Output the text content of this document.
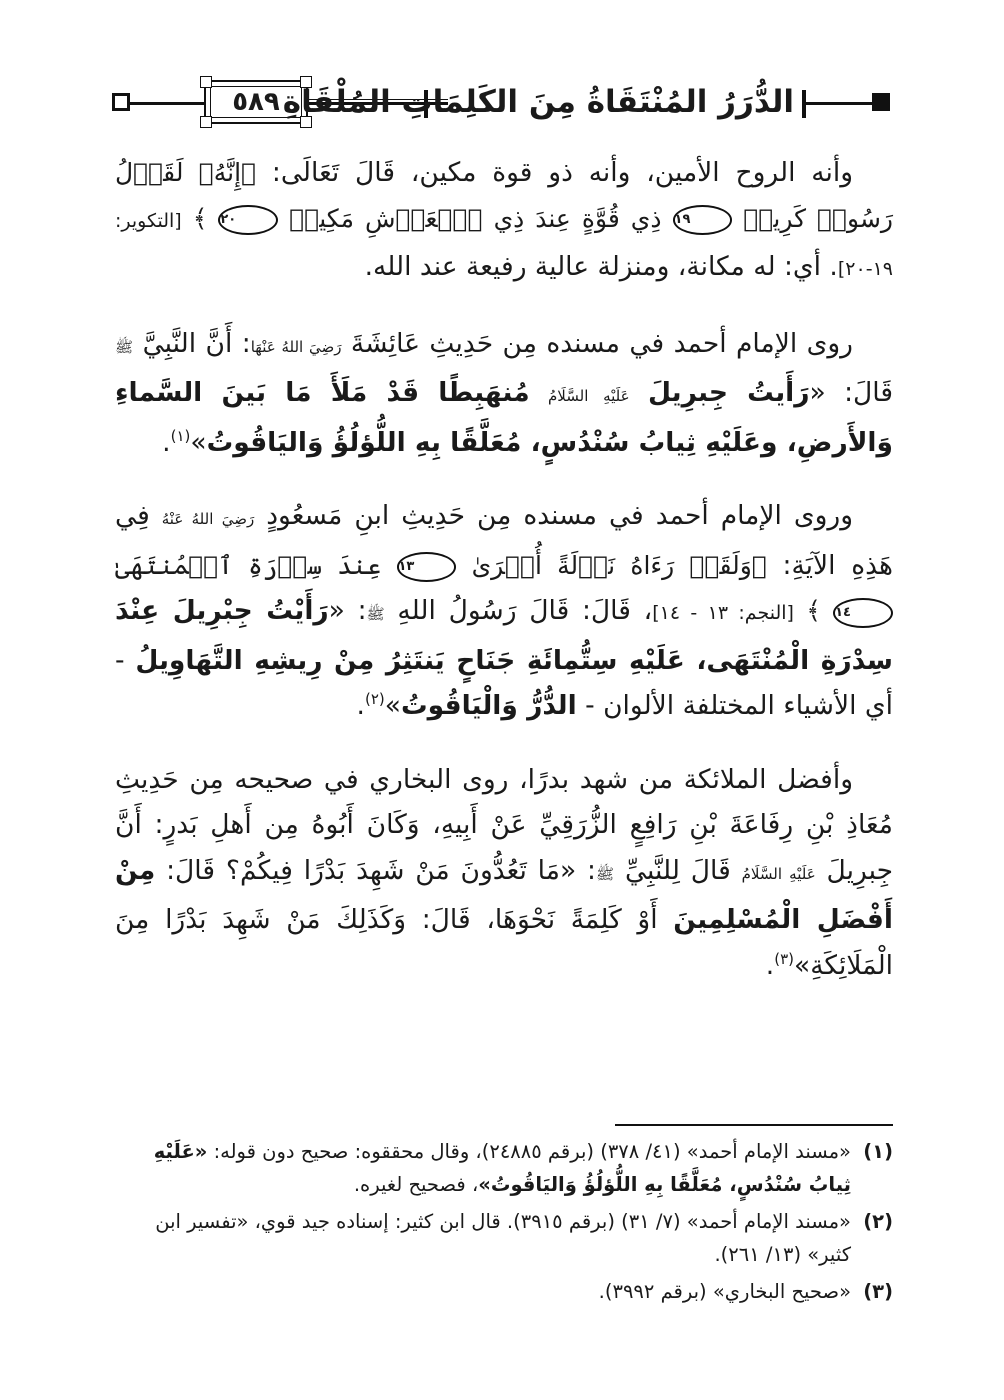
٥٨٩ الدُّرَرُ المُنْتَقَاةُ مِنَ الكَلِمَاتِ المُلْقَاةِ

وأنه الروح الأمين، وأنه ذو قوة مكين، قَالَ تَعَالَى: ﴿إِنَّهُۥ لَقَوۡلُ رَسُولٖ كَرِيمٖ ١٩ ذِي قُوَّةٍ عِندَ ذِي ٱلۡعَرۡشِ مَكِينٖ ٢٠ ﴾ [التكوير: ١٩-٢٠]. أي: له مكانة، ومنزلة عالية رفيعة عند الله.

روى الإمام أحمد في مسنده مِن حَدِيثِ عَائِشَةَ رَضِيَ اللهُ عَنْهَا: أَنَّ النَّبِيَّ ﷺ قَالَ: «رَأَيتُ جِبرِيلَ عَلَيْهِ السَّلَامُ مُنهَبِطًا قَدْ مَلَأَ مَا بَينَ السَّماءِ وَالأَرضِ، وعَلَيْهِ ثِيابُ سُنْدُسٍ، مُعَلَّقًا بِهِ اللُّؤلُؤُ وَاليَاقُوتُ»$^{(١)}$.

وروى الإمام أحمد في مسنده مِن حَدِيثِ ابنِ مَسعُودٍ رَضِيَ اللهُ عَنْهُ فِي هَذِهِ الآيَةِ: ﴿وَلَقَدۡ رَءَاهُ نَزۡلَةً أُخۡرَىٰ ١٣ عِندَ سِدۡرَةِ ٱلۡمُنتَهَىٰ ١٤ ﴾ [النجم: ١٣ - ١٤]، قَالَ: قَالَ رَسُولُ اللهِ ﷺ: «رَأَيْتُ جِبْرِيلَ عِنْدَ سِدْرَةِ الْمُنْتَهَى، عَلَيْهِ سِتُّمِائَةِ جَنَاحٍ يَنتَثِرُ مِنْ رِيشِهِ التَّهَاوِيلُ - أي الأشياء المختلفة الألوان - الدُّرُّ وَالْيَاقُوتُ»$^{(٢)}$.

وأفضل الملائكة من شهد بدرًا، روى البخاري في صحيحه مِن حَدِيثِ مُعَاذِ بْنِ رِفَاعَةَ بْنِ رَافِعٍ الزُّرَقِيِّ عَنْ أَبِيهِ، وَكَانَ أَبُوهُ مِن أَهلِ بَدرٍ: أَنَّ جِبرِيلَ عَلَيْهِ السَّلَامُ قَالَ لِلنَّبِيِّ ﷺ: «مَا تَعُدُّونَ مَنْ شَهِدَ بَدْرًا فِيكُمْ؟ قَالَ: مِنْ أَفْضَلِ الْمُسْلِمِينَ أَوْ كَلِمَةً نَحْوَهَا، قَالَ: وَكَذَلِكَ مَنْ شَهِدَ بَدْرًا مِنَ الْمَلَائِكَةِ»$^{(٣)}$.

(١)
«مسند الإمام أحمد» (٤١/ ٣٧٨) (برقم ٢٤٨٨٥)، وقال محققوه: صحيح دون قوله: «عَلَيْهِ ثِيابُ سُنْدُسٍ، مُعَلَّقًا بِهِ اللُّؤلُؤُ وَاليَاقُوتُ»، فصحيح لغيره.
(٢)
«مسند الإمام أحمد» (٧/ ٣١) (برقم ٣٩١٥). قال ابن كثير: إسناده جيد قوي، «تفسير ابن كثير» (١٣/ ٢٦١).
(٣)
«صحيح البخاري» (برقم ٣٩٩٢).
